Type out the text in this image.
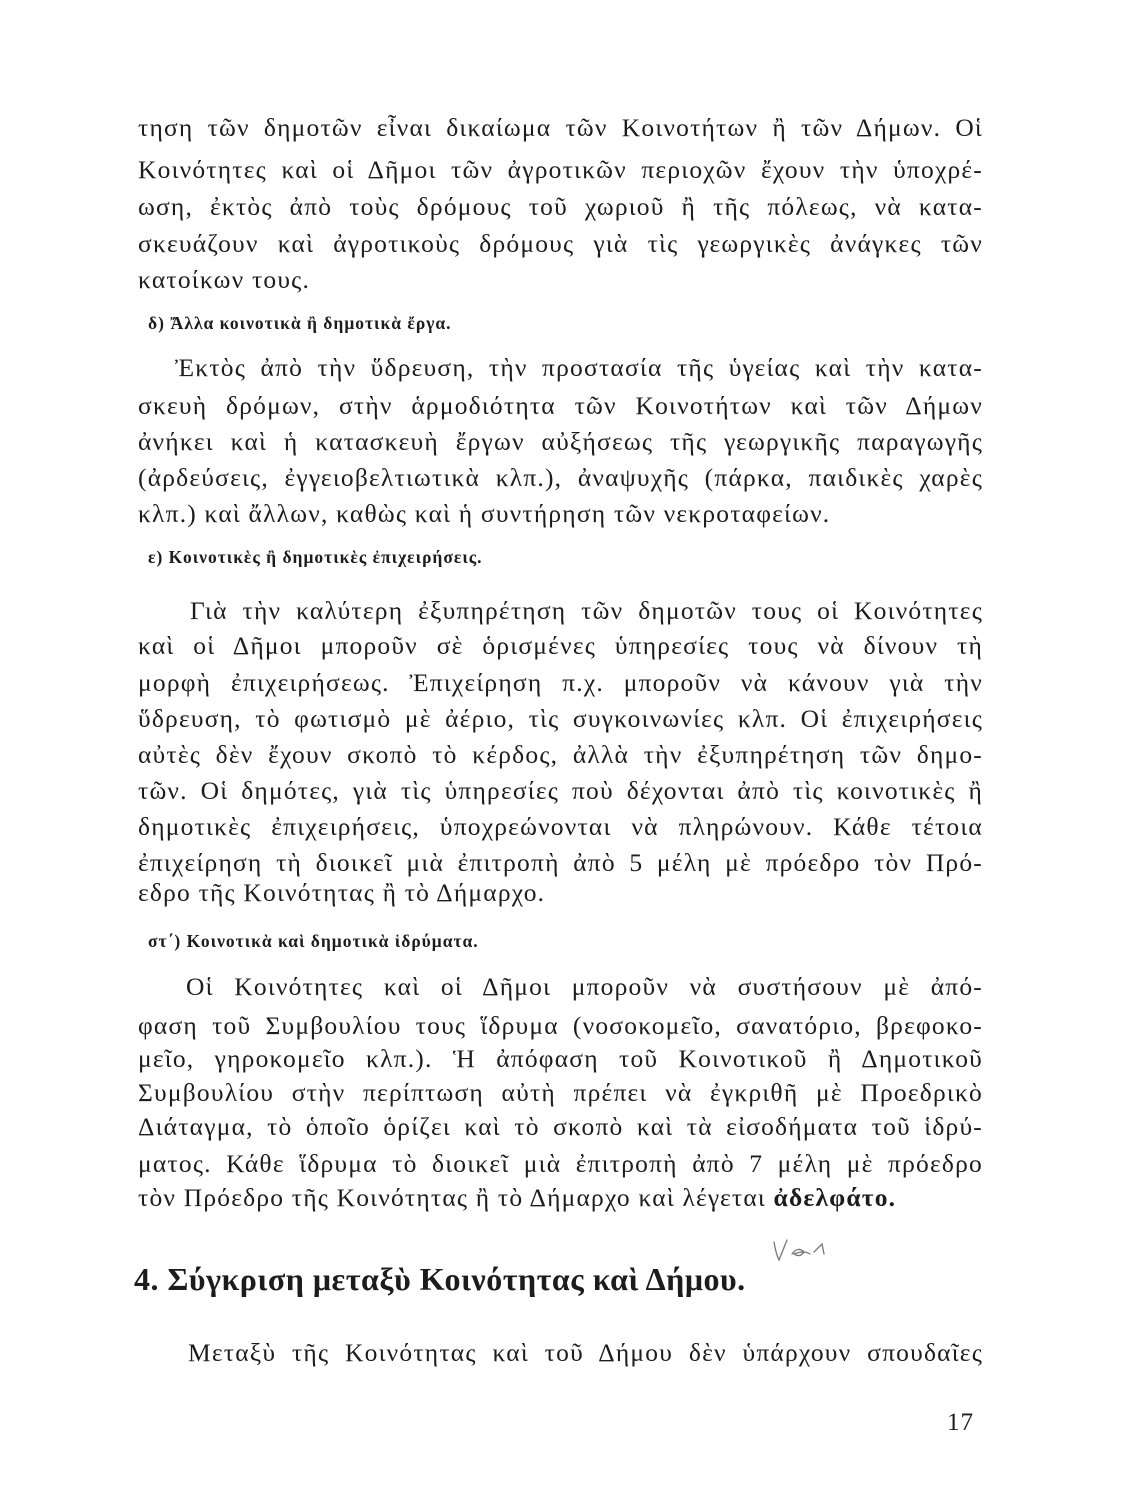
τηση τῶν δημοτῶν εἶναι δικαίωμα τῶν Κοινοτήτων ἢ τῶν Δήμων. Οἱ
Κοινότητες καὶ οἱ Δῆμοι τῶν ἀγροτικῶν περιοχῶν ἔχουν τὴν ὑποχρέ-
ωση, ἐκτὸς ἀπὸ τοὺς δρόμους τοῦ χωριοῦ ἢ τῆς πόλεως, νὰ κατα-
σκευάζουν καὶ ἀγροτικοὺς δρόμους γιὰ τὶς γεωργικὲς ἀνάγκες τῶν
κατοίκων τους.
δ) Ἄλλα κοινοτικὰ ἢ δημοτικὰ ἔργα.
Ἐκτὸς ἀπὸ τὴν ὕδρευση, τὴν προστασία τῆς ὑγείας καὶ τὴν κατα-
σκευὴ δρόμων, στὴν ἁρμοδιότητα τῶν Κοινοτήτων καὶ τῶν Δήμων
ἀνήκει καὶ ἡ κατασκευὴ ἔργων αὐξήσεως τῆς γεωργικῆς παραγωγῆς
(ἀρδεύσεις, ἐγγειοβελτιωτικὰ κλπ.), ἀναψυχῆς (πάρκα, παιδικὲς χαρὲς
κλπ.) καὶ ἄλλων, καθὼς καὶ ἡ συντήρηση τῶν νεκροταφείων.
ε) Κοινοτικὲς ἢ δημοτικὲς ἐπιχειρήσεις.
Γιὰ τὴν καλύτερη ἐξυπηρέτηση τῶν δημοτῶν τους οἱ Κοινότητες
καὶ οἱ Δῆμοι μποροῦν σὲ ὁρισμένες ὑπηρεσίες τους νὰ δίνουν τὴ
μορφὴ ἐπιχειρήσεως. Ἐπιχείρηση π.χ. μποροῦν νὰ κάνουν γιὰ τὴν
ὕδρευση, τὸ φωτισμὸ μὲ ἀέριο, τὶς συγκοινωνίες κλπ. Οἱ ἐπιχειρήσεις
αὐτὲς δὲν ἔχουν σκοπὸ τὸ κέρδος, ἀλλὰ τὴν ἐξυπηρέτηση τῶν δημο-
τῶν. Οἱ δημότες, γιὰ τὶς ὑπηρεσίες ποὺ δέχονται ἀπὸ τὶς κοινοτικὲς ἢ
δημοτικὲς ἐπιχειρήσεις, ὑποχρεώνονται νὰ πληρώνουν. Κάθε τέτοια
ἐπιχείρηση τὴ διοικεῖ μιὰ ἐπιτροπὴ ἀπὸ 5 μέλη μὲ πρόεδρο τὸν Πρό-
εδρο τῆς Κοινότητας ἢ τὸ Δήμαρχο.
στ΄) Κοινοτικὰ καὶ δημοτικὰ ἱδρύματα.
Οἱ Κοινότητες καὶ οἱ Δῆμοι μποροῦν νὰ συστήσουν μὲ ἀπό-
φαση τοῦ Συμβουλίου τους ἵδρυμα (νοσοκομεῖο, σανατόριο, βρεφοκο-
μεῖο, γηροκομεῖο κλπ.). Ἡ ἀπόφαση τοῦ Κοινοτικοῦ ἢ Δημοτικοῦ
Συμβουλίου στὴν περίπτωση αὐτὴ πρέπει νὰ ἐγκριθῆ μὲ Προεδρικὸ
Διάταγμα, τὸ ὁποῖο ὁρίζει καὶ τὸ σκοπὸ καὶ τὰ εἰσοδήματα τοῦ ἱδρύ-
ματος. Κάθε ἵδρυμα τὸ διοικεῖ μιὰ ἐπιτροπὴ ἀπὸ 7 μέλη μὲ πρόεδρο
τὸν Πρόεδρο τῆς Κοινότητας ἢ τὸ Δήμαρχο καὶ λέγεται ἀδελφάτο.
4. Σύγκριση μεταξὺ Κοινότητας καὶ Δήμου.
Μεταξὺ τῆς Κοινότητας καὶ τοῦ Δήμου δὲν ὑπάρχουν σπουδαῖες
17
